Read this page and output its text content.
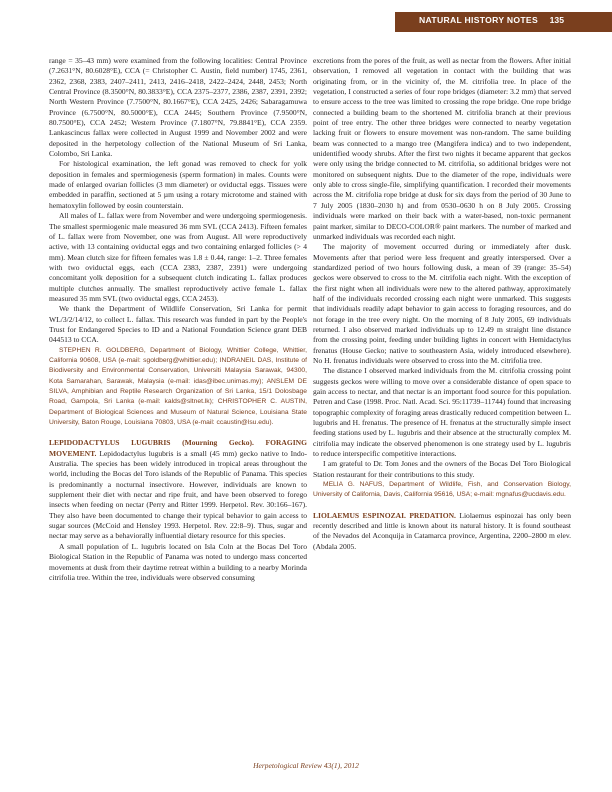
NATURAL HISTORY NOTES	135

range = 35–43 mm) were examined from the following localities: Central Province (7.2631°N, 80.6028°E), CCA (= Christopher C. Austin, field number) 1745, 2361, 2362, 2368, 2383, 2407–2411, 2413, 2416–2418, 2422–2424, 2448, 2453; North Central Province (8.3500°N, 80.3833°E), CCA 2375–2377, 2386, 2387, 2391, 2392; North Western Province (7.7500°N, 80.1667°E), CCA 2425, 2426; Sabaragamuwa Province (6.7500°N, 80.5000°E), CCA 2445; Southern Province (7.9500°N, 80.7500°E), CCA 2452; Western Province (7.1807°N, 79.8841°E), CCA 2359. Lankascincus fallax were collected in August 1999 and November 2002 and were deposited in the herpetology collection of the National Museum of Sri Lanka, Colombo, Sri Lanka.

For histological examination, the left gonad was removed to check for yolk deposition in females and spermiogenesis (sperm formation) in males. Counts were made of enlarged ovarian follicles (3 mm diameter) or oviductal eggs. Tissues were embedded in paraffin, sectioned at 5 µm using a rotary microtome and stained with hematoxylin followed by eosin counterstain.

All males of L. fallax were from November and were undergoing spermiogenesis. The smallest spermiogenic male measured 36 mm SVL (CCA 2413). Fifteen females of L. fallax were from November, one was from August. All were reproductively active, with 13 containing oviductal eggs and two containing enlarged follicles (> 4 mm). Mean clutch size for fifteen females was 1.8 ± 0.44, range: 1–2. Three females with two oviductal eggs, each (CCA 2383, 2387, 2391) were undergoing concomitant yolk deposition for a subsequent clutch indicating L. fallax produces multiple clutches annually. The smallest reproductively active female L. fallax measured 35 mm SVL (two oviductal eggs, CCA 2453).

We thank the Department of Wildlife Conservation, Sri Lanka for permit WL/3/2/14/12, to collect L. fallax. This research was funded in part by the People's Trust for Endangered Species to ID and a National Foundation Science grant DEB 044513 to CCA.

STEPHEN R. GOLDBERG, Department of Biology, Whittier College, Whittier, California 90608, USA (e-mail: sgoldberg@whittier.edu); INDRANEIL DAS, Institute of Biodiversity and Environmental Conservation, Universiti Malaysia Sarawak, 94300, Kota Samarahan, Sarawak, Malaysia (e-mail: idas@ibec.unimas.my); ANSLEM DE SILVA, Amphibian and Reptile Research Organization of Sri Lanka, 15/1 Dolosbage Road, Gampola, Sri Lanka (e-mail: kalds@sltnet.lk); CHRISTOPHER C. AUSTIN, Department of Biological Sciences and Museum of Natural Science, Louisiana State University, Baton Rouge, Louisiana 70803, USA (e-mail: ccaustin@lsu.edu).

LEPIDODACTYLUS LUGUBRIS (Mourning Gecko). FORAGING MOVEMENT. Lepidodactylus lugubris is a small (45 mm) gecko native to Indo-Australia. The species has been widely introduced in tropical areas throughout the world, including the Bocas del Toro islands of the Republic of Panama. This species is predominantly a nocturnal insectivore. However, individuals are known to supplement their diet with nectar and ripe fruit, and have been observed to forego insects when feeding on nectar (Perry and Ritter 1999. Herpetol. Rev. 30:166–167). They also have been documented to change their typical behavior to gain access to sugar sources (McCoid and Hensley 1993. Herpetol. Rev. 22:8–9). Thus, sugar and nectar may serve as a behaviorally influential dietary resource for this species.

A small population of L. lugubris located on Isla Coln at the Bocas Del Toro Biological Station in the Republic of Panama was noted to undergo mass concerted movements at dusk from their daytime retreat within a building to a nearby Morinda citrifolia tree. Within the tree, individuals were observed consuming

excretions from the pores of the fruit, as well as nectar from the flowers. After initial observation, I removed all vegetation in contact with the building that was originating from, or in the vicinity of, the M. citrifolia tree. In place of the vegetation, I constructed a series of four rope bridges (diameter: 3.2 mm) that served to ensure access to the tree was limited to crossing the rope bridge. One rope bridge connected a building beam to the shortened M. citrifolia branch at their previous point of tree entry. The other three bridges were connected to nearby vegetation lacking fruit or flowers to ensure movement was non-random. The same building beam was connected to a mango tree (Mangifera indica) and to two independent, unidentified woody shrubs. After the first two nights it became apparent that geckos were only using the bridge connected to M. citrifolia, so additional bridges were not monitored on subsequent nights. Due to the diameter of the rope, individuals were only able to cross single-file, simplifying quantification. I recorded their movements across the M. citrifolia rope bridge at dusk for six days from the period of 30 June to 7 July 2005 (1830–2030 h) and from 0530–0630 h on 8 July 2005. Crossing individuals were marked on their back with a water-based, non-toxic permanent paint marker, similar to DECO-COLOR® paint markers. The number of marked and unmarked individuals was recorded each night.

The majority of movement occurred during or immediately after dusk. Movements after that period were less frequent and greatly interspersed. Over a standardized period of two hours following dusk, a mean of 39 (range: 35–54) geckos were observed to cross to the M. citrifolia each night. With the exception of the first night when all individuals were new to the altered pathway, approximately half of the individuals recorded crossing each night were unmarked. This suggests that individuals readily adapt behavior to gain access to foraging resources, and do not forage in the tree every night. On the morning of 8 July 2005, 69 individuals returned. I also observed marked individuals up to 12.49 m straight line distance from the crossing point, feeding under building lights in concert with Hemidactylus frenatus (House Gecko; native to southeastern Asia, widely introduced elsewhere). No H. frenatus individuals were observed to cross into the M. citrifolia tree.

The distance I observed marked individuals from the M. citrifolia crossing point suggests geckos were willing to move over a considerable distance of open space to gain access to nectar, and that nectar is an important food source for this population. Petren and Case (1998. Proc. Natl. Acad. Sci. 95:11739–11744) found that increasing topographic complexity of foraging areas drastically reduced competition between L. lugubris and H. frenatus. The presence of H. frenatus at the structurally simple insect feeding stations used by L. lugubris and their absence at the structurally complex M. citrifolia may indicate the observed phenomenon is one strategy used by L. lugubris to reduce interspecific competitive interactions.

I am grateful to Dr. Tom Jones and the owners of the Bocas Del Toro Biological Station restaurant for their contributions to this study.

MELIA G. NAFUS, Department of Wildlife, Fish, and Conservation Biology, University of California, Davis, California 95616, USA; e-mail: mgnafus@ucdavis.edu.

LIOLAEMUS ESPINOZAI. PREDATION. Liolaemus espinozai has only been recently described and little is known about its natural history. It is found southeast of the Nevados del Aconquija in Catamarca province, Argentina, 2200–2800 m elev. (Abdala 2005.

Herpetological Review 43(1), 2012
